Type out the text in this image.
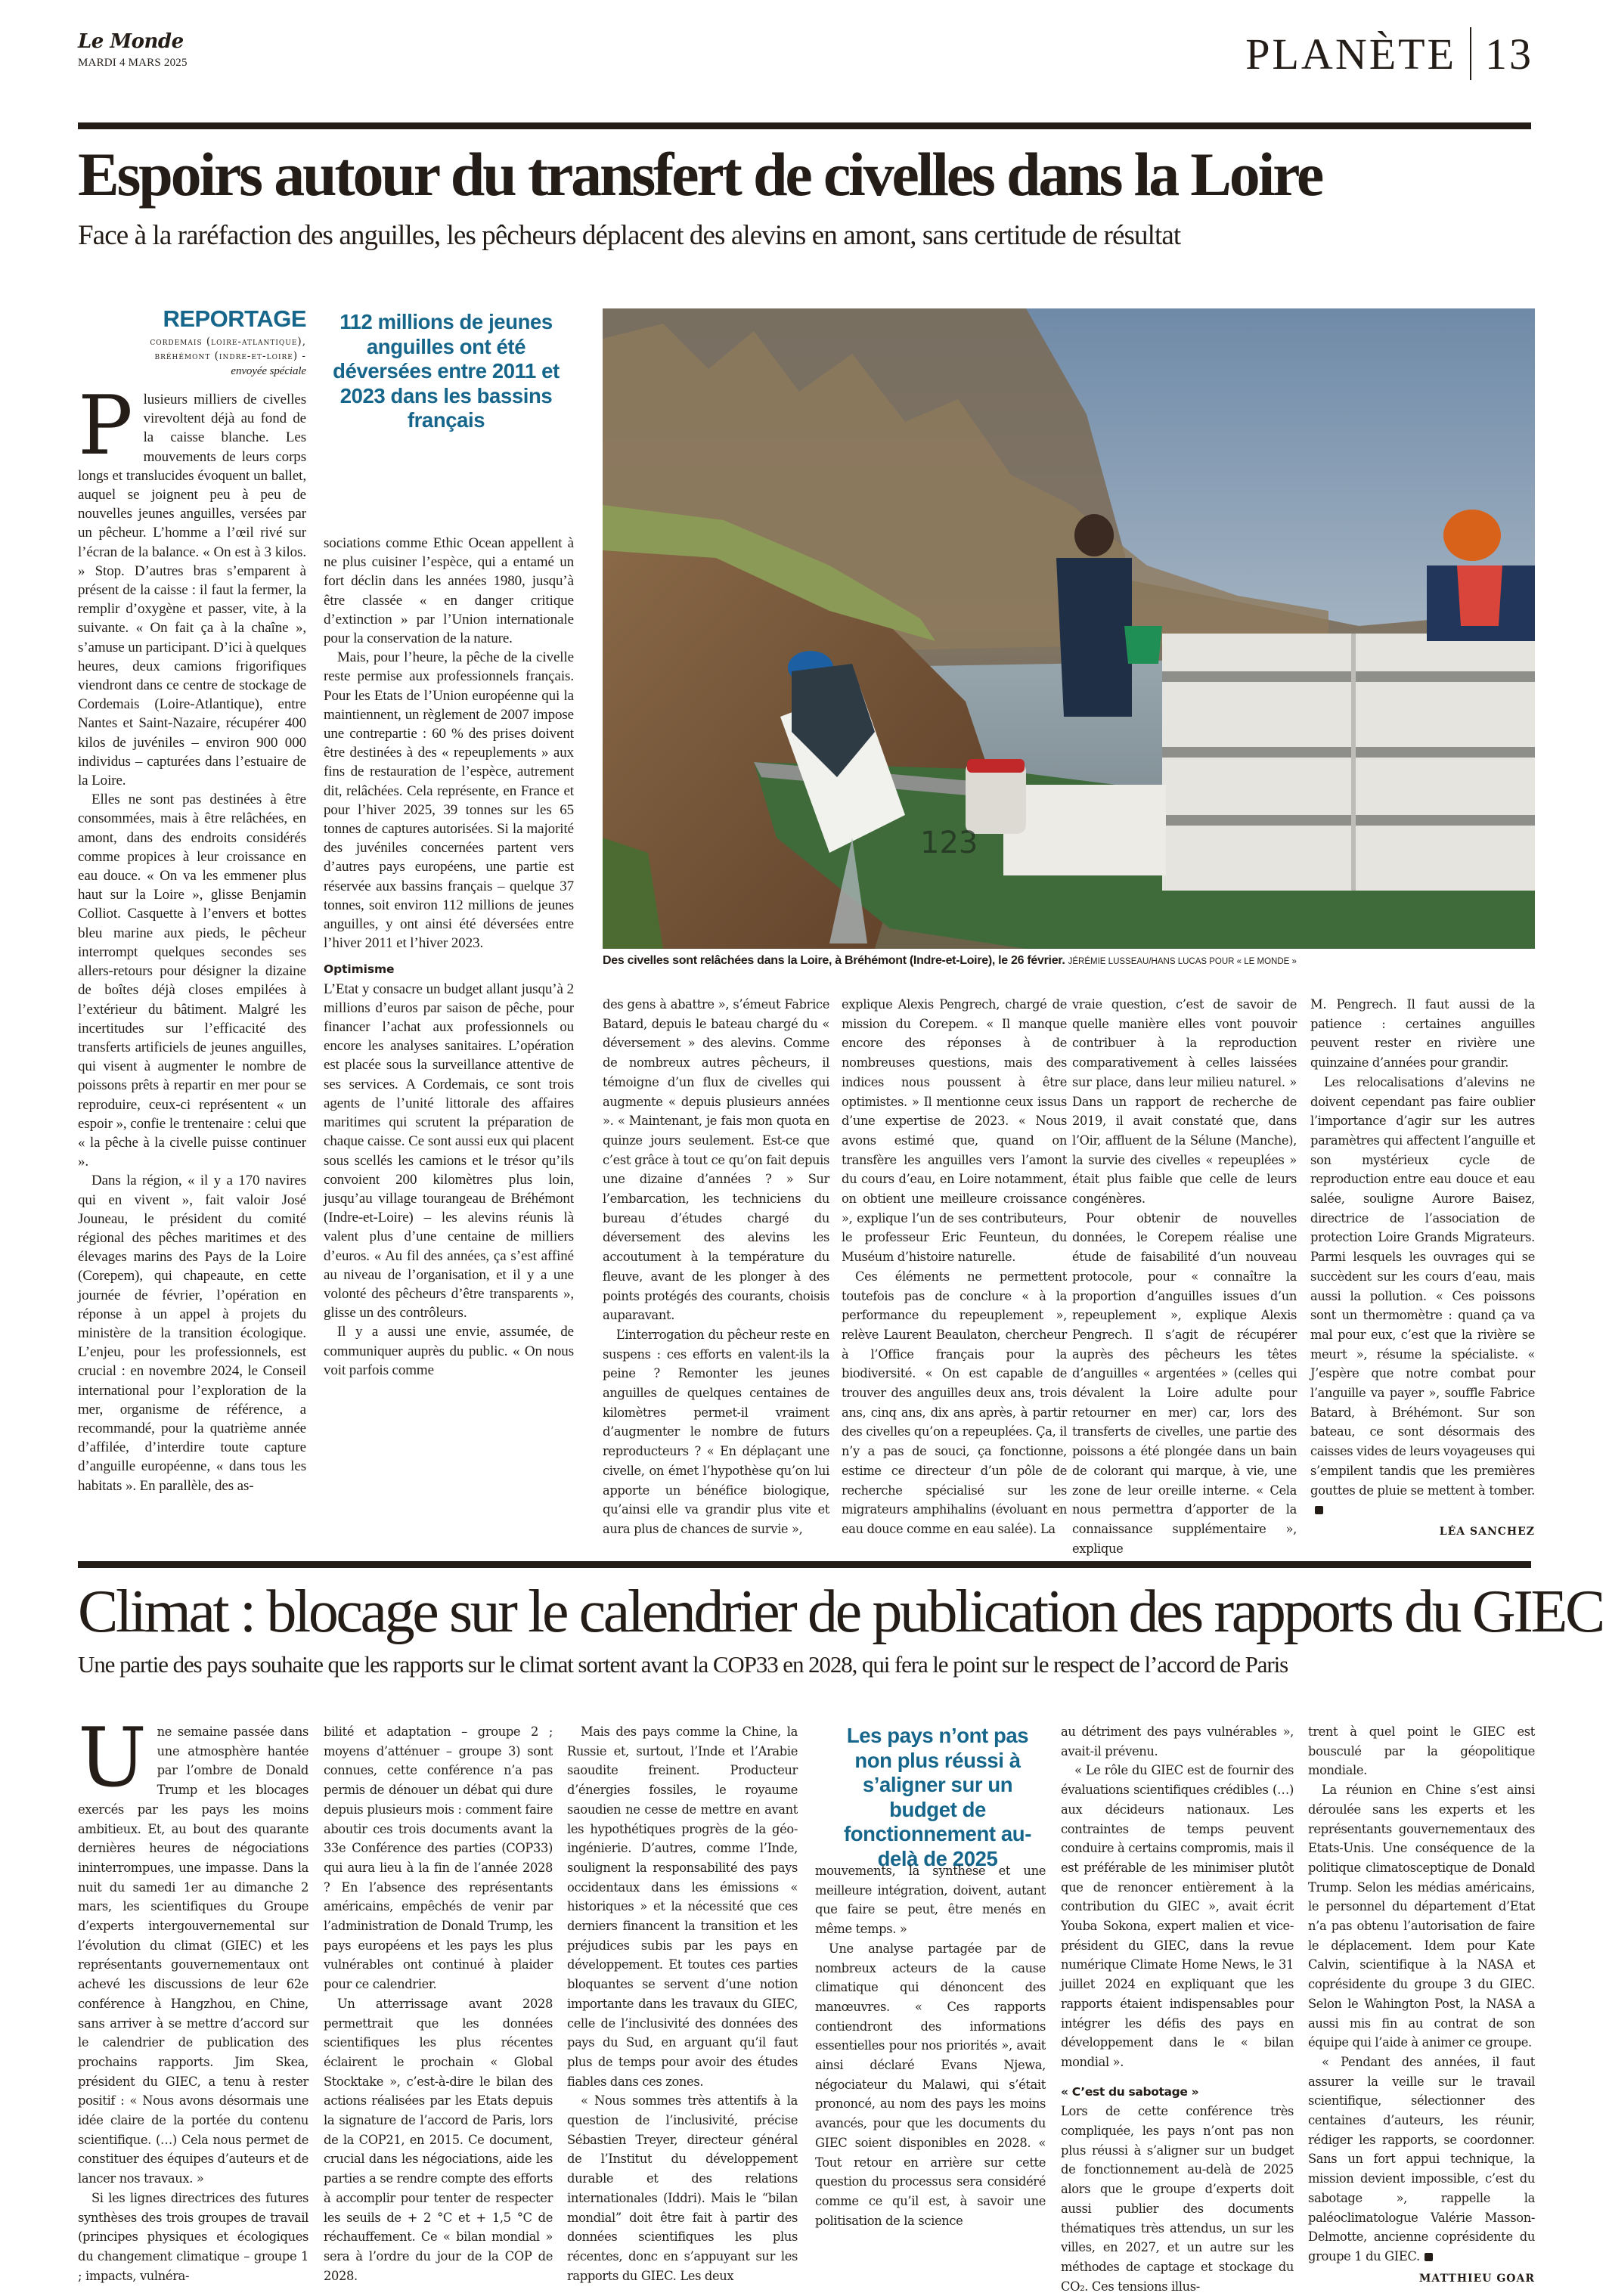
Le Monde
MARDI 4 MARS 2025	PLANÈTE 13
Espoirs autour du transfert de civelles dans la Loire
Face à la raréfaction des anguilles, les pêcheurs déplacent des alevins en amont, sans certitude de résultat
REPORTAGE
cordemais (loire-atlantique),
bréhémont (indre-et-loire) -
envoyée spéciale
P lusieurs milliers de civelles virevoltent déjà au fond de la caisse blanche. Les mouvements de leurs corps longs et translucides évoquent un ballet, auquel se joignent peu à peu de nouvelles jeunes anguilles, versées par un pêcheur. L’homme a l’œil rivé sur l’écran de la balance. « On est à 3 kilos. » Stop. D’autres bras s’emparent à présent de la caisse : il faut la fermer, la remplir d’oxygène et passer, vite, à la suivante. « On fait ça à la chaîne », s’amuse un participant. D’ici à quelques heures, deux camions frigorifiques viendront dans ce centre de stockage de Cordemais (Loire-Atlantique), entre Nantes et Saint-Nazaire, récupérer 400 kilos de juvéniles – environ 900 000 individus – capturées dans l’estuaire de la Loire.

Elles ne sont pas destinées à être consommées, mais à être relâchées, en amont, dans des endroits considérés comme propices à leur croissance en eau douce. « On va les emmener plus haut sur la Loire », glisse Benjamin Colliot. Casquette à l’envers et bottes bleu marine aux pieds, le pêcheur interrompt quelques secondes ses allers-retours pour désigner la dizaine de boîtes déjà closes empilées à l’extérieur du bâtiment. Malgré les incertitudes sur l’efficacité des transferts artificiels de jeunes anguilles, qui visent à augmenter le nombre de poissons prêts à repartir en mer pour se reproduire, ceux-ci représentent « un espoir », confie le trentenaire : celui que « la pêche à la civelle puisse continuer ».

Dans la région, « il y a 170 navires qui en vivent », fait valoir José Jouneau, le président du comité régional des pêches maritimes et des élevages marins des Pays de la Loire (Corepem), qui chapeaute, en cette journée de février, l’opération en réponse à un appel à projets du ministère de la transition écologique. L’enjeu, pour les professionnels, est crucial : en novembre 2024, le Conseil international pour l’exploration de la mer, organisme de référence, a recommandé, pour la quatrième année d’affilée, d’interdire toute capture d’anguille européenne, « dans tous les habitats ». En parallèle, des as-

112 millions de jeunes anguilles ont été déversées entre 2011 et 2023 dans les bassins français

sociations comme Ethic Ocean appellent à ne plus cuisiner l’espèce, qui a entamé un fort déclin dans les années 1980, jusqu’à être classée « en danger critique d’extinction » par l’Union internationale pour la conservation de la nature.

Mais, pour l’heure, la pêche de la civelle reste permise aux professionnels français. Pour les Etats de l’Union européenne qui la maintiennent, un règlement de 2007 impose une contrepartie : 60 % des prises doivent être destinées à des « repeuplements » aux fins de restauration de l’espèce, autrement dit, relâchées. Cela représente, en France et pour l’hiver 2025, 39 tonnes sur les 65 tonnes de captures autorisées. Si la majorité des juvéniles concernées partent vers d’autres pays européens, une partie est réservée aux bassins français – quelque 37 tonnes, soit environ 112 millions de jeunes anguilles, y ont ainsi été déversées entre l’hiver 2011 et l’hiver 2023.

Optimisme

L’Etat y consacre un budget allant jusqu’à 2 millions d’euros par saison de pêche, pour financer l’achat aux professionnels ou encore les analyses sanitaires. L’opération est placée sous la surveillance attentive de ses services. A Cordemais, ce sont trois agents de l’unité littorale des affaires maritimes qui scrutent la préparation de chaque caisse. Ce sont aussi eux qui placent sous scellés les camions et le trésor qu’ils convoient 200 kilomètres plus loin, jusqu’au village tourangeau de Bréhémont (Indre-et-Loire) – les alevins réunis là valent plus d’une centaine de milliers d’euros. « Au fil des années, ça s’est affiné au niveau de l’organisation, et il y a une volonté des pêcheurs d’être transparents », glisse un des contrôleurs.

Il y a aussi une envie, assumée, de communiquer auprès du public. « On nous voit parfois comme

123
Des civelles sont relâchées dans la Loire, à Bréhémont (Indre-et-Loire), le 26 février. JÉRÉMIE LUSSEAU/HANS LUCAS POUR « LE MONDE »

des gens à abattre », s’émeut Fabrice Batard, depuis le bateau chargé du « déversement » des alevins. Comme de nombreux autres pêcheurs, il témoigne d’un flux de civelles qui augmente « depuis plusieurs années ». « Maintenant, je fais mon quota en quinze jours seulement. Est-ce que c’est grâce à tout ce qu’on fait depuis une dizaine d’années ? » Sur l’embarcation, les techniciens du bureau d’études chargé du déversement des alevins les accoutument à la température du fleuve, avant de les plonger à des points protégés des courants, choisis auparavant.

L’interrogation du pêcheur reste en suspens : ces efforts en valent-ils la peine ? Remonter les jeunes anguilles de quelques centaines de kilomètres permet-il vraiment d’augmenter le nombre de futurs reproducteurs ? « En déplaçant une civelle, on émet l’hypothèse qu’on lui apporte un bénéfice biologique, qu’ainsi elle va grandir plus vite et aura plus de chances de survie »,

explique Alexis Pengrech, chargé de mission du Corepem. « Il manque encore des réponses à de nombreuses questions, mais des indices nous poussent à être optimistes. » Il mentionne ceux issus d’une expertise de 2023. « Nous avons estimé que, quand on transfère les anguilles vers l’amont du cours d’eau, en Loire notamment, on obtient une meilleure croissance », explique l’un de ses contributeurs, le professeur Eric Feunteun, du Muséum d’histoire naturelle.

Ces éléments ne permettent toutefois pas de conclure « à la performance du repeuplement », relève Laurent Beaulaton, chercheur à l’Office français pour la biodiversité. « On est capable de trouver des anguilles deux ans, trois ans, cinq ans, dix ans après, à partir des civelles qu’on a repeuplées. Ça, il n’y a pas de souci, ça fonctionne, estime ce directeur d’un pôle de recherche spécialisé sur les migrateurs amphihalins (évoluant en eau douce comme en eau salée). La

vraie question, c’est de savoir de quelle manière elles vont pouvoir contribuer à la reproduction comparativement à celles laissées sur place, dans leur milieu naturel. » Dans un rapport de recherche de 2019, il avait constaté que, dans l’Oir, affluent de la Sélune (Manche), la survie des civelles « repeuplées » était plus faible que celle de leurs congénères.

Pour obtenir de nouvelles données, le Corepem réalise une étude de faisabilité d’un nouveau protocole, pour « connaître la proportion d’anguilles issues d’un repeuplement », explique Alexis Pengrech. Il s’agit de récupérer auprès des pêcheurs les têtes d’anguilles « argentées » (celles qui dévalent la Loire adulte pour retourner en mer) car, lors des transferts de civelles, une partie des poissons a été plongée dans un bain de colorant qui marque, à vie, une zone de leur oreille interne. « Cela nous permettra d’apporter de la connaissance supplémentaire », explique

M. Pengrech. Il faut aussi de la patience : certaines anguilles peuvent rester en rivière une quinzaine d’années pour grandir.

Les relocalisations d’alevins ne doivent cependant pas faire oublier l’importance d’agir sur les autres paramètres qui affectent l’anguille et son mystérieux cycle de reproduction entre eau douce et eau salée, souligne Aurore Baisez, directrice de l’association de protection Loire Grands Migrateurs. Parmi lesquels les ouvrages qui se succèdent sur les cours d’eau, mais aussi la pollution. « Ces poissons sont un thermomètre : quand ça va mal pour eux, c’est que la rivière se meurt », résume la spécialiste. « J’espère que notre combat pour l’anguille va payer », souffle Fabrice Batard, à Bréhémont. Sur son bateau, ce sont désormais des caisses vides de leurs voyageuses qui s’empilent tandis que les premières gouttes de pluie se mettent à tomber.

LÉA SANCHEZ
Climat : blocage sur le calendrier de publication des rapports du GIEC
Une partie des pays souhaite que les rapports sur le climat sortent avant la COP33 en 2028, qui fera le point sur le respect de l’accord de Paris
U ne semaine passée dans une atmosphère hantée par l’ombre de Donald Trump et les blocages exercés par les pays les moins ambitieux. Et, au bout des quarante dernières heures de négociations ininterrompues, une impasse. Dans la nuit du samedi 1er au dimanche 2 mars, les scientifiques du Groupe d’experts intergouvernemental sur l’évolution du climat (GIEC) et les représentants gouvernementaux ont achevé les discussions de leur 62e conférence à Hangzhou, en Chine, sans arriver à se mettre d’accord sur le calendrier de publication des prochains rapports. Jim Skea, président du GIEC, a tenu à rester positif : « Nous avons désormais une idée claire de la portée du contenu scientifique. (…) Cela nous permet de constituer des équipes d’auteurs et de lancer nos travaux. »

Si les lignes directrices des futures synthèses des trois groupes de travail (principes physiques et écologiques du changement climatique – groupe 1 ; impacts, vulnéra-

bilité et adaptation – groupe 2 ; moyens d’atténuer – groupe 3) sont connues, cette conférence n’a pas permis de dénouer un débat qui dure depuis plusieurs mois : comment faire aboutir ces trois documents avant la 33e Conférence des parties (COP33) qui aura lieu à la fin de l’année 2028 ? En l’absence des représentants américains, empêchés de venir par l’administration de Donald Trump, les pays européens et les pays les plus vulnérables ont continué à plaider pour ce calendrier.

Un atterrissage avant 2028 permettrait que les données scientifiques les plus récentes éclairent le prochain « Global Stocktake », c’est-à-dire le bilan des actions réalisées par les Etats depuis la signature de l’accord de Paris, lors de la COP21, en 2015. Ce document, crucial dans les négociations, aide les parties a se rendre compte des efforts à accomplir pour tenter de respecter les seuils de + 2 °C et + 1,5 °C de réchauffement. Ce « bilan mondial » sera à l’ordre du jour de la COP de 2028.

Mais des pays comme la Chine, la Russie et, surtout, l’Inde et l’Arabie saoudite freinent. Producteur d’énergies fossiles, le royaume saoudien ne cesse de mettre en avant les hypothétiques progrès de la géo-ingénierie. D’autres, comme l’Inde, soulignent la responsabilité des pays occidentaux dans les émissions « historiques » et la nécessité que ces derniers financent la transition et les préjudices subis par les pays en développement. Et toutes ces parties bloquantes se servent d’une notion importante dans les travaux du GIEC, celle de l’inclusivité des données des pays du Sud, en arguant qu’il faut plus de temps pour avoir des études fiables dans ces zones.

« Nous sommes très attentifs à la question de l’inclusivité, précise Sébastien Treyer, directeur général de l’Institut du développement durable et des relations internationales (Iddri). Mais le “bilan mondial” doit être fait à partir des données scientifiques les plus récentes, donc en s’appuyant sur les rapports du GIEC. Les deux

Les pays n’ont pas non plus réussi à s’aligner sur un budget de fonctionnement au-delà de 2025

mouvements, la synthèse et une meilleure intégration, doivent, autant que faire se peut, être menés en même temps. »

Une analyse partagée par de nombreux acteurs de la cause climatique qui dénoncent des manœuvres. « Ces rapports contiendront des informations essentielles pour nos priorités », avait ainsi déclaré Evans Njewa, négociateur du Malawi, qui s’était prononcé, au nom des pays les moins avancés, pour que les documents du GIEC soient disponibles en 2028. « Tout retour en arrière sur cette question du processus sera considéré comme ce qu’il est, à savoir une politisation de la science

au détriment des pays vulnérables », avait-il prévenu.

« Le rôle du GIEC est de fournir des évaluations scientifiques crédibles (…) aux décideurs nationaux. Les contraintes de temps peuvent conduire à certains compromis, mais il est préférable de les minimiser plutôt que de renoncer entièrement à la contribution du GIEC », avait écrit Youba Sokona, expert malien et vice-président du GIEC, dans la revue numérique Climate Home News, le 31 juillet 2024 en expliquant que les rapports étaient indispensables pour intégrer les défis des pays en développement dans le « bilan mondial ».

« C’est du sabotage »

Lors de cette conférence très compliquée, les pays n’ont pas non plus réussi à s’aligner sur un budget de fonctionnement au-delà de 2025 alors que le groupe d’experts doit aussi publier des documents thématiques très attendus, un sur les villes, en 2027, et un autre sur les méthodes de captage et stockage du CO₂. Ces tensions illus-

trent à quel point le GIEC est bousculé par la géopolitique mondiale.

La réunion en Chine s’est ainsi déroulée sans les experts et les représentants gouvernementaux des Etats-Unis. Une conséquence de la politique climatosceptique de Donald Trump. Selon les médias américains, le personnel du département d’Etat n’a pas obtenu l’autorisation de faire le déplacement. Idem pour Kate Calvin, scientifique à la NASA et coprésidente du groupe 3 du GIEC. Selon le Wahington Post, la NASA a aussi mis fin au contrat de son équipe qui l’aide à animer ce groupe.

« Pendant des années, il faut assurer la veille sur le travail scientifique, sélectionner des centaines d’auteurs, les réunir, rédiger les rapports, se coordonner. Sans un fort appui technique, la mission devient impossible, c’est du sabotage », rappelle la paléoclimatologue Valérie Masson-Delmotte, ancienne coprésidente du groupe 1 du GIEC.

MATTHIEU GOAR
